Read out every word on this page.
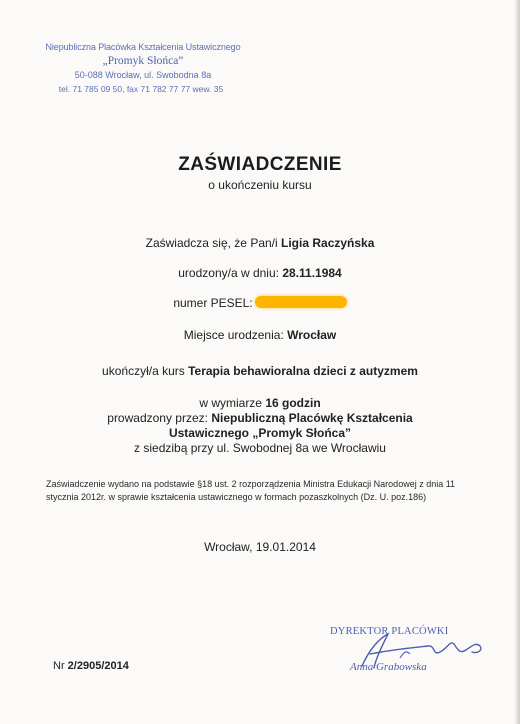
Niepubliczna Placówka Kształcenia Ustawicznego
„Promyk Słońca”
50-088 Wrocław, ul. Swobodna 8a
tel. 71 785 09 50, fax 71 782 77 77 wew. 35
ZAŚWIADCZENIE
o ukończeniu kursu
Zaświadcza się, że Pan/i Ligia Raczyńska
urodzony/a w dniu: 28.11.1984
numer PESEL:
Miejsce urodzenia: Wrocław
ukończył/a kurs Terapia behawioralna dzieci z autyzmem
w wymiarze 16 godzin
prowadzony przez: Niepubliczną Placówkę Kształcenia
Ustawicznego „Promyk Słońca”
z siedzibą przy ul. Swobodnej 8a we Wrocławiu
Zaświadczenie wydano na podstawie §18 ust. 2 rozporządzenia Ministra Edukacji Narodowej z dnia 11 stycznia 2012r. w sprawie kształcenia ustawicznego w formach pozaszkolnych (Dz. U. poz.186)
Wrocław, 19.01.2014
DYREKTOR PLACÓWKI
Anna Grabowska
Nr 2/2905/2014
